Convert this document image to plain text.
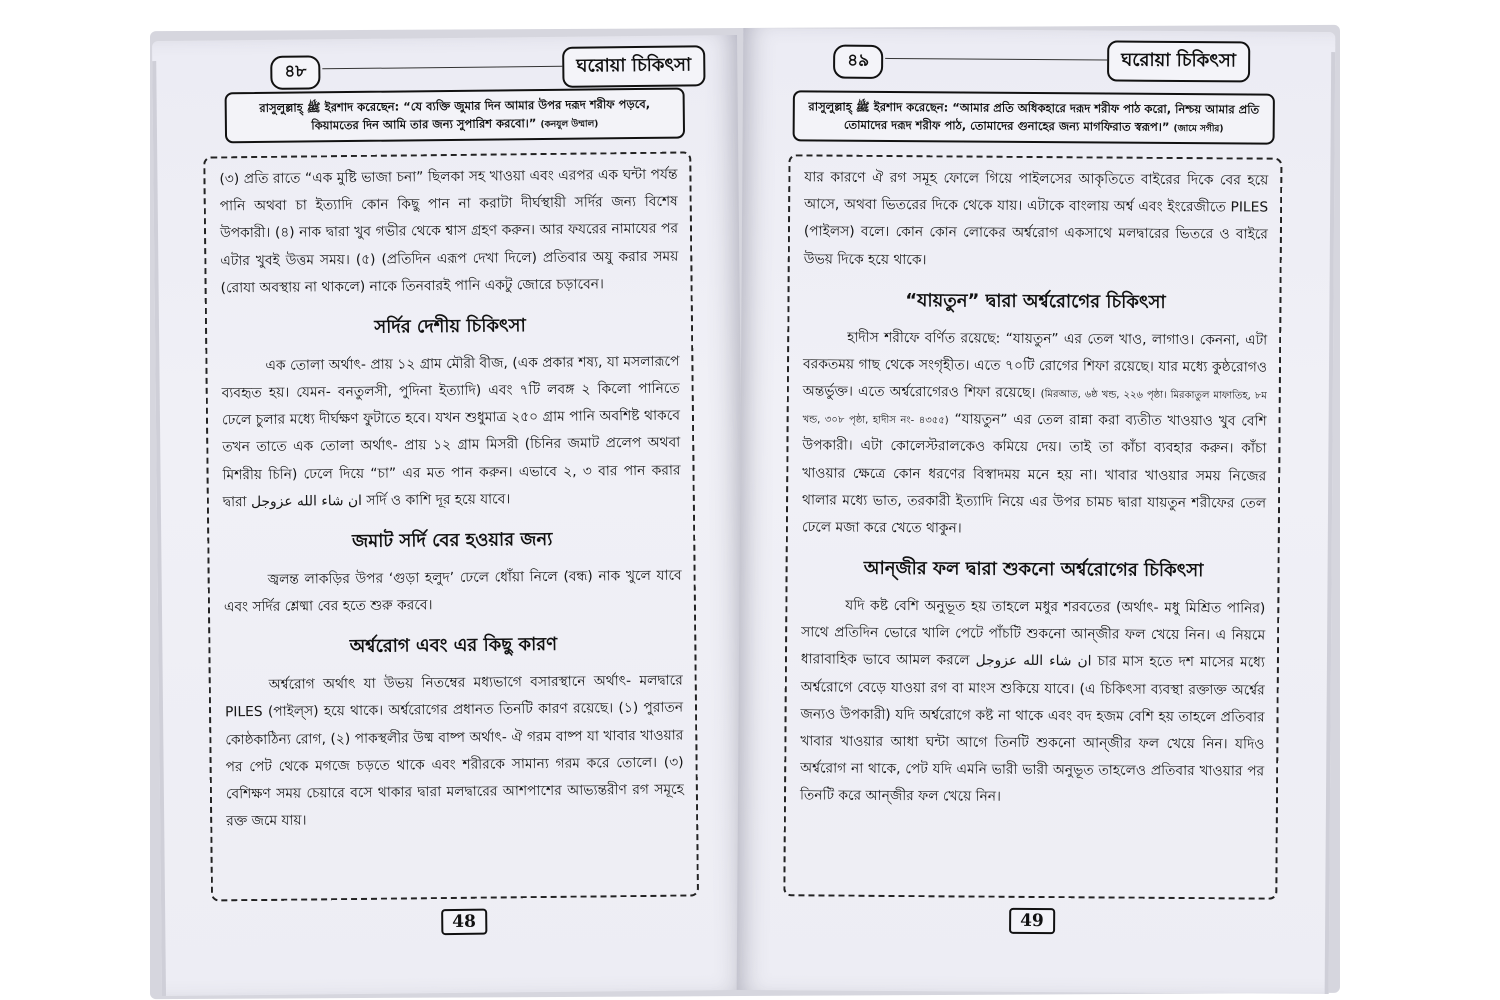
৪৮	ঘরোয়া চিকিৎসা
রাসুলুল্লাহ্ ﷺ ইরশাদ করেছেন: “যে ব্যক্তি জুমার দিন আমার উপর দরূদ শরীফ পড়বে, কিয়ামতের দিন আমি তার জন্য সুপারিশ করবো।” (কনযুল উম্মাল)

(৩) প্রতি রাতে “এক মুষ্টি ভাজা চনা” ছিলকা সহ খাওয়া এবং এরপর এক ঘন্টা পর্যন্ত পানি অথবা চা ইত্যাদি কোন কিছু পান না করাটা দীর্ঘস্থায়ী সর্দির জন্য বিশেষ উপকারী। (৪) নাক দ্বারা খুব গভীর থেকে শ্বাস গ্রহণ করুন। আর ফযরের নামাযের পর এটার খুবই উত্তম সময়। (৫) (প্রতিদিন এরূপ দেখা দিলে) প্রতিবার অযু করার সময় (রোযা অবস্থায় না থাকলে) নাকে তিনবারই পানি একটু জোরে চড়াবেন।

সর্দির দেশীয় চিকিৎসা

এক তোলা অর্থাৎ- প্রায় ১২ গ্রাম মৌরী বীজ, (এক প্রকার শষ্য, যা মসলারূপে ব্যবহৃত হয়। যেমন- বনতুলসী, পুদিনা ইত্যাদি) এবং ৭টি লবঙ্গ ২ কিলো পানিতে ঢেলে চুলার মধ্যে দীর্ঘক্ষণ ফুটাতে হবে। যখন শুধুমাত্র ২৫০ গ্রাম পানি অবশিষ্ট থাকবে তখন তাতে এক তোলা অর্থাৎ- প্রায় ১২ গ্রাম মিসরী (চিনির জমাট প্রলেপ অথবা মিশরীয় চিনি) ঢেলে দিয়ে “চা” এর মত পান করুন। এভাবে ২, ৩ বার পান করার দ্বারা ان شاء الله عزوجل সর্দি ও কাশি দূর হয়ে যাবে।

জমাট সর্দি বের হওয়ার জন্য

জ্বলন্ত লাকড়ির উপর ‘গুড়া হলুদ’ ঢেলে ধোঁয়া নিলে (বন্ধ) নাক খুলে যাবে এবং সর্দির শ্লেষ্মা বের হতে শুরু করবে।

অর্শ্বরোগ এবং এর কিছু কারণ

অর্শ্বরোগ অর্থাৎ যা উভয় নিতম্বের মধ্যভাগে বসারস্থানে অর্থাৎ- মলদ্বারে PILES (পাইল্স) হয়ে থাকে। অর্শ্বরোগের প্রধানত তিনটি কারণ রয়েছে। (১) পুরাতন কোষ্ঠকাঠিন্য রোগ, (২) পাকস্থলীর উষ্ম বাষ্প অর্থাৎ- ঐ গরম বাষ্প যা খাবার খাওয়ার পর পেট থেকে মগজে চড়তে থাকে এবং শরীরকে সামান্য গরম করে তোলে। (৩) বেশিক্ষণ সময় চেয়ারে বসে থাকার দ্বারা মলদ্বারের আশপাশের আভ্যন্তরীণ রগ সমূহে রক্ত জমে যায়।

48
৪৯	ঘরোয়া চিকিৎসা
রাসুলুল্লাহ্ ﷺ ইরশাদ করেছেন: “আমার প্রতি অধিকহারে দরূদ শরীফ পাঠ করো, নিশ্চয় আমার প্রতি তোমাদের দরূদ শরীফ পাঠ, তোমাদের গুনাহের জন্য মাগফিরাত স্বরূপ।” (জামে সগীর)

যার কারণে ঐ রগ সমূহ ফোলে গিয়ে পাইলসের আকৃতিতে বাইরের দিকে বের হয়ে আসে, অথবা ভিতরের দিকে থেকে যায়। এটাকে বাংলায় অর্শ্ব এবং ইংরেজীতে PILES (পাইলস) বলে। কোন কোন লোকের অর্শ্বরোগ একসাথে মলদ্বারের ভিতরে ও বাইরে উভয় দিকে হয়ে থাকে।

“যায়তুন” দ্বারা অর্শ্বরোগের চিকিৎসা

হাদীস শরীফে বর্ণিত রয়েছে: “যায়তুন” এর তেল খাও, লাগাও। কেননা, এটা বরকতময় গাছ থেকে সংগৃহীত। এতে ৭০টি রোগের শিফা রয়েছে। যার মধ্যে কুষ্ঠরোগও অন্তর্ভুক্ত। এতে অর্শ্বরোগেরও শিফা রয়েছে। (মিরআত, ৬ষ্ঠ খন্ড, ২২৬ পৃষ্ঠা। মিরকাতুল মাফাতিহ, ৮ম খন্ড, ৩০৮ পৃষ্ঠা, হাদীস নং- ৪৩৫৫) “যায়তুন” এর তেল রান্না করা ব্যতীত খাওয়াও খুব বেশি উপকারী। এটা কোলেস্টরালকেও কমিয়ে দেয়। তাই তা কাঁচা ব্যবহার করুন। কাঁচা খাওয়ার ক্ষেত্রে কোন ধরণের বিস্বাদময় মনে হয় না। খাবার খাওয়ার সময় নিজের থালার মধ্যে ভাত, তরকারী ইত্যাদি নিয়ে এর উপর চামচ দ্বারা যায়তুন শরীফের তেল ঢেলে মজা করে খেতে থাকুন।

আন্‌জীর ফল দ্বারা শুকনো অর্শ্বরোগের চিকিৎসা

যদি কষ্ট বেশি অনুভূত হয় তাহলে মধুর শরবতের (অর্থাৎ- মধু মিশ্রিত পানির) সাথে প্রতিদিন ভোরে খালি পেটে পাঁচটি শুকনো আন্‌জীর ফল খেয়ে নিন। এ নিয়মে ধারাবাহিক ভাবে আমল করলে ان شاء الله عزوجل চার মাস হতে দশ মাসের মধ্যে অর্শ্বরোগে বেড়ে যাওয়া রগ বা মাংস শুকিয়ে যাবে। (এ চিকিৎসা ব্যবস্থা রক্তাক্ত অর্শ্বের জন্যও উপকারী) যদি অর্শ্বরোগে কষ্ট না থাকে এবং বদ হজম বেশি হয় তাহলে প্রতিবার খাবার খাওয়ার আধা ঘন্টা আগে তিনটি শুকনো আন্‌জীর ফল খেয়ে নিন। যদিও অর্শ্বরোগ না থাকে, পেট যদি এমনি ভারী ভারী অনুভূত তাহলেও প্রতিবার খাওয়ার পর তিনটি করে আন্‌জীর ফল খেয়ে নিন।

49
